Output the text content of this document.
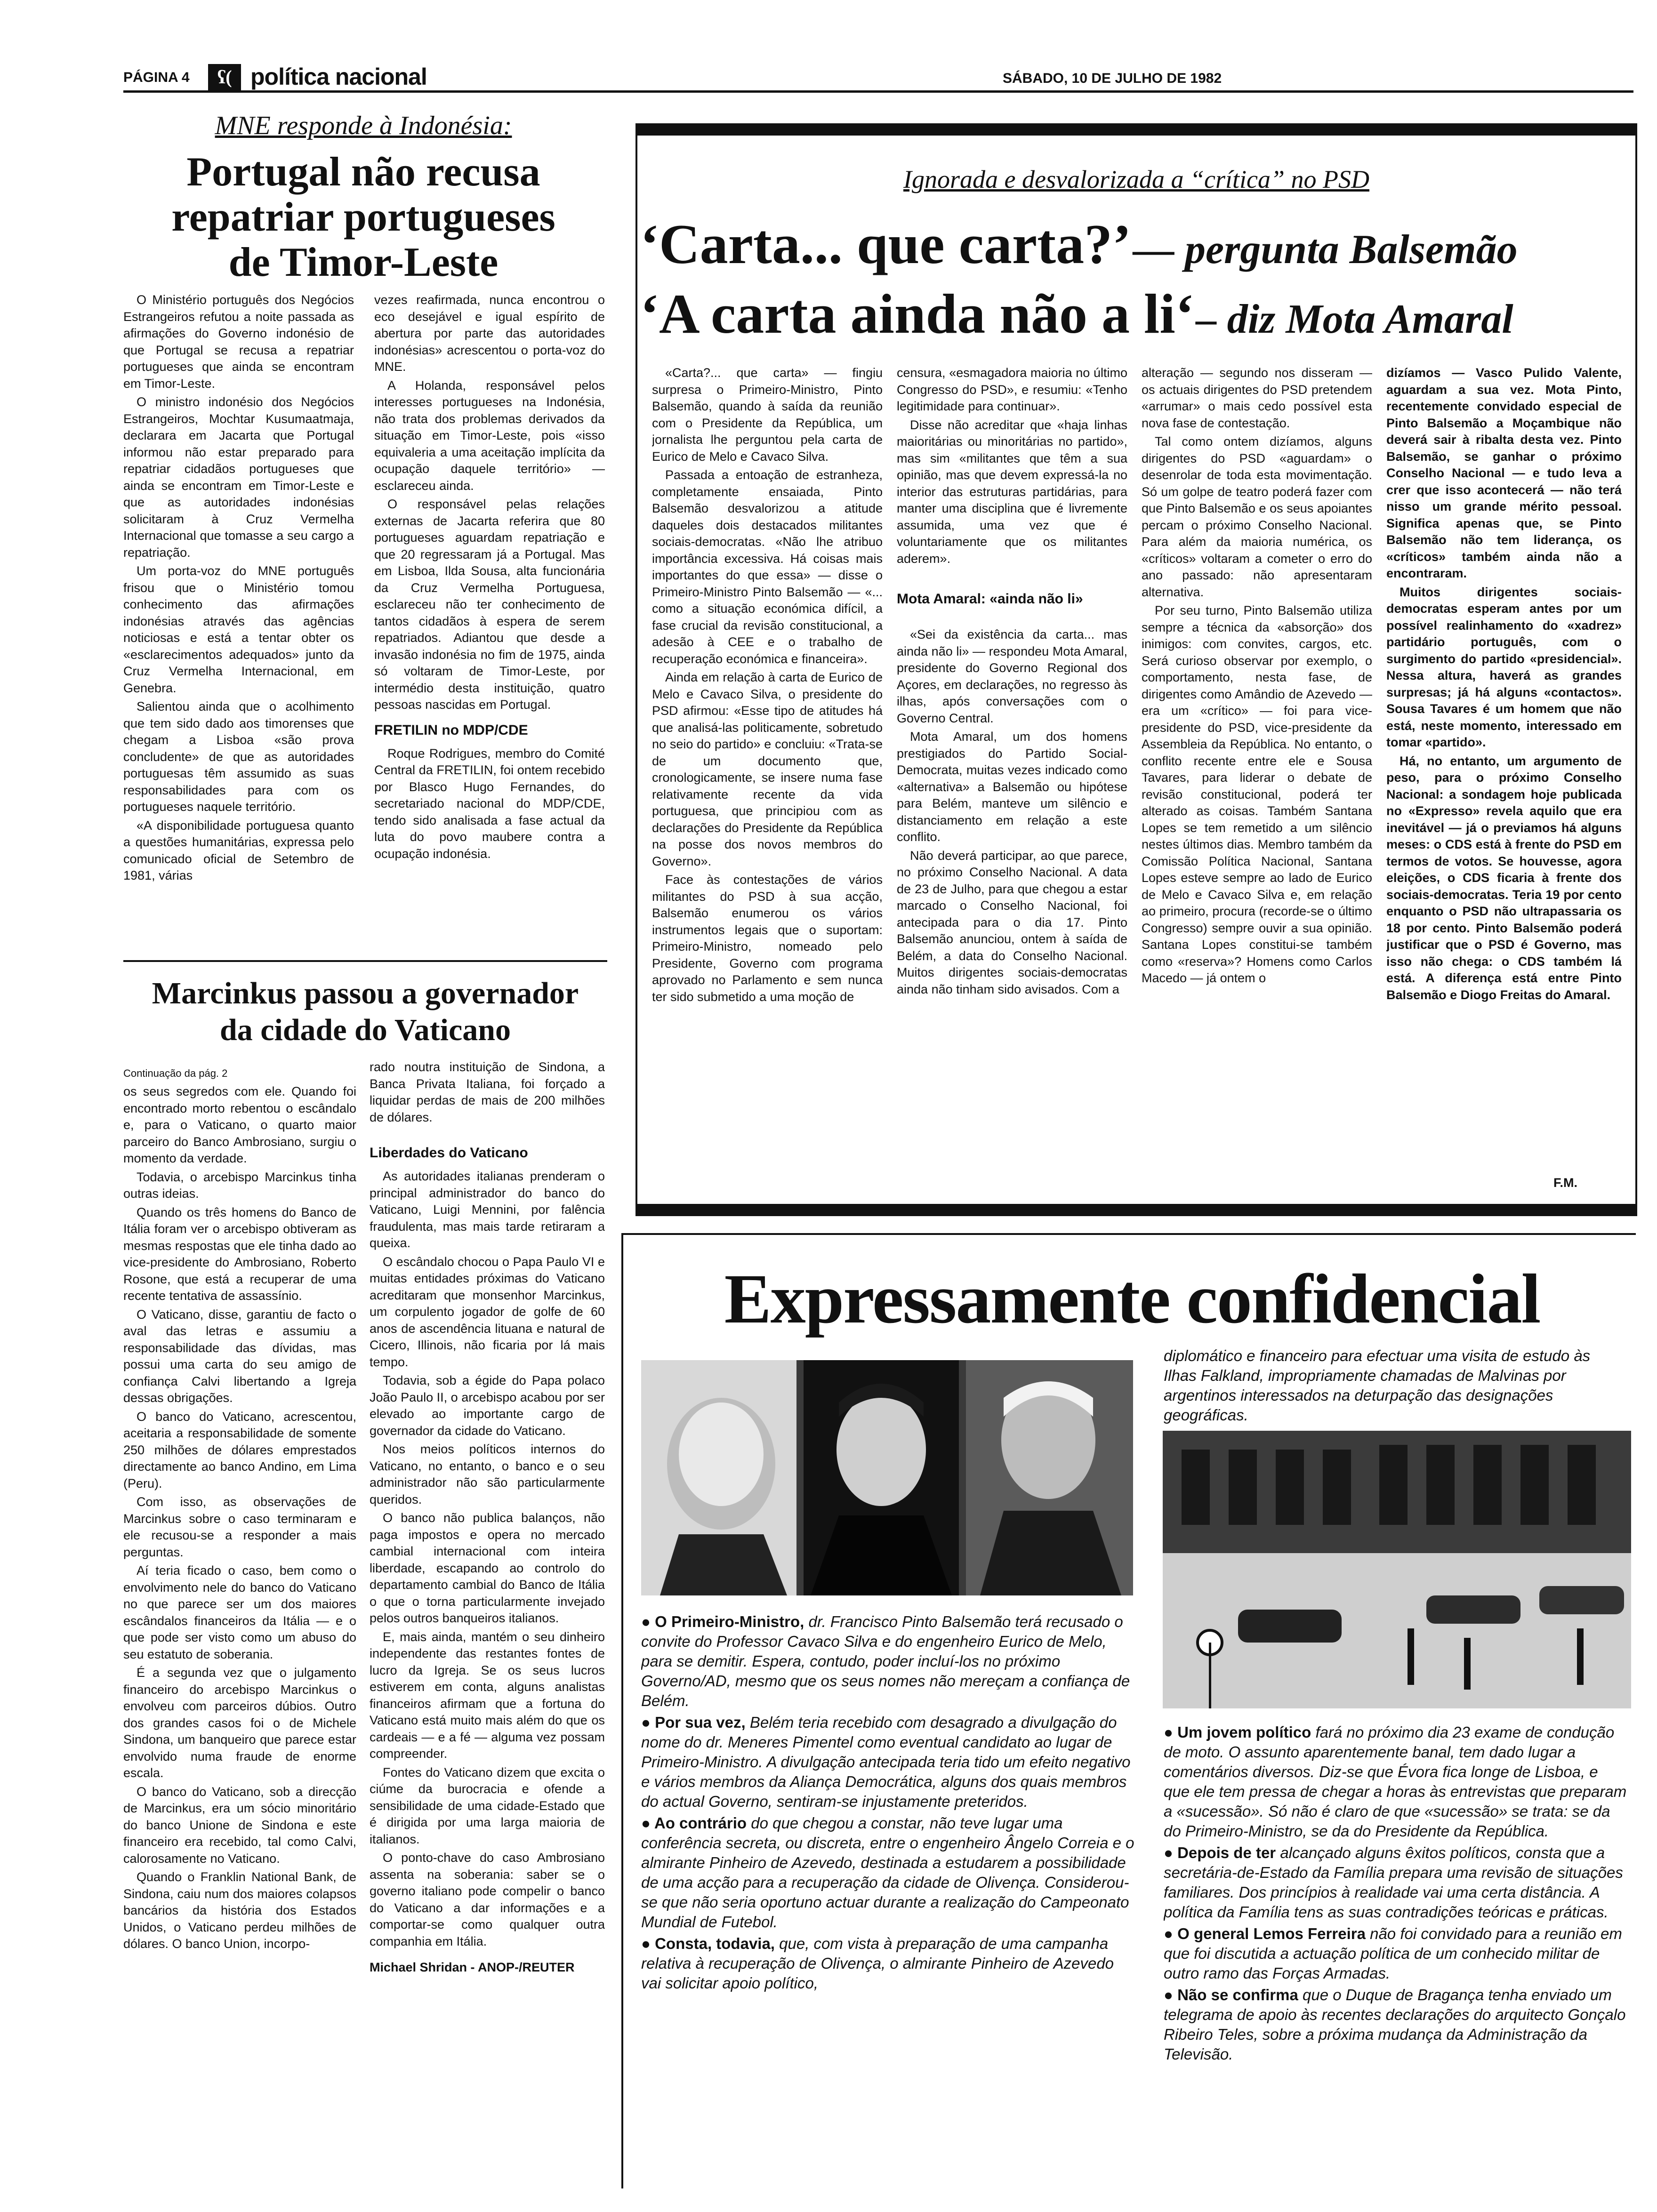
PÁGINA 4	ʕ( política nacional	SÁBADO, 10 DE JULHO DE 1982
MNE responde à Indonésia:
Portugal não recusa
repatriar portugueses
de Timor-Leste

O Ministério português dos Negócios Estrangeiros refutou a noite passada as afirmações do Governo indonésio de que Portugal se recusa a repatriar portugueses que ainda se encontram em Timor-Leste.

O ministro indonésio dos Negócios Estrangeiros, Mochtar Kusumaatmaja, declarara em Jacarta que Portugal informou não estar preparado para repatriar cidadãos portugueses que ainda se encontram em Timor-Leste e que as autoridades indonésias solicitaram à Cruz Vermelha Internacional que tomasse a seu cargo a repatriação.

Um porta-voz do MNE português frisou que o Ministério tomou conhecimento das afirmações indonésias através das agências noticiosas e está a tentar obter os «esclarecimentos adequados» junto da Cruz Vermelha Internacional, em Genebra.

Salientou ainda que o acolhimento que tem sido dado aos timorenses que chegam a Lisboa «são prova concludente» de que as autoridades portuguesas têm assumido as suas responsabilidades para com os portugueses naquele território.

«A disponibilidade portuguesa quanto a questões humanitárias, expressa pelo comunicado oficial de Setembro de 1981, várias

vezes reafirmada, nunca encontrou o eco desejável e igual espírito de abertura por parte das autoridades indonésias» acrescentou o porta-voz do MNE.

A Holanda, responsável pelos interesses portugueses na Indonésia, não trata dos problemas derivados da situação em Timor-Leste, pois «isso equivaleria a uma aceitação implícita da ocupação daquele território» — esclareceu ainda.

O responsável pelas relações externas de Jacarta referira que 80 portugueses aguardam repatriação e que 20 regressaram já a Portugal. Mas em Lisboa, Ilda Sousa, alta funcionária da Cruz Vermelha Portuguesa, esclareceu não ter conhecimento de tantos cidadãos à espera de serem repatriados. Adiantou que desde a invasão indonésia no fim de 1975, ainda só voltaram de Timor-Leste, por intermédio desta instituição, quatro pessoas nascidas em Portugal.

FRETILIN no MDP/CDE

Roque Rodrigues, membro do Comité Central da FRETILIN, foi ontem recebido por Blasco Hugo Fernandes, do secretariado nacional do MDP/CDE, tendo sido analisada a fase actual da luta do povo maubere contra a ocupação indonésia.

Marcinkus passou a governador
da cidade do Vaticano
Continuação da pág. 2

os seus segredos com ele. Quando foi encontrado morto rebentou o escândalo e, para o Vaticano, o quarto maior parceiro do Banco Ambrosiano, surgiu o momento da verdade.

Todavia, o arcebispo Marcinkus tinha outras ideias.

Quando os três homens do Banco de Itália foram ver o arcebispo obtiveram as mesmas respostas que ele tinha dado ao vice-presidente do Ambrosiano, Roberto Rosone, que está a recuperar de uma recente tentativa de assassínio.

O Vaticano, disse, garantiu de facto o aval das letras e assumiu a responsabilidade das dívidas, mas possui uma carta do seu amigo de confiança Calvi libertando a Igreja dessas obrigações.

O banco do Vaticano, acrescentou, aceitaria a responsabilidade de somente 250 milhões de dólares emprestados directamente ao banco Andino, em Lima (Peru).

Com isso, as observações de Marcinkus sobre o caso terminaram e ele recusou-se a responder a mais perguntas.

Aí teria ficado o caso, bem como o envolvimento nele do banco do Vaticano no que parece ser um dos maiores escândalos financeiros da Itália — e o que pode ser visto como um abuso do seu estatuto de soberania.

É a segunda vez que o julgamento financeiro do arcebispo Marcinkus o envolveu com parceiros dúbios. Outro dos grandes casos foi o de Michele Sindona, um banqueiro que parece estar envolvido numa fraude de enorme escala.

O banco do Vaticano, sob a direcção de Marcinkus, era um sócio minoritário do banco Unione de Sindona e este financeiro era recebido, tal como Calvi, calorosamente no Vaticano.

Quando o Franklin National Bank, de Sindona, caiu num dos maiores colapsos bancários da história dos Estados Unidos, o Vaticano perdeu milhões de dólares. O banco Union, incorpo-

rado noutra instituição de Sindona, a Banca Privata Italiana, foi forçado a liquidar perdas de mais de 200 milhões de dólares.

Liberdades do Vaticano

As autoridades italianas prenderam o principal administrador do banco do Vaticano, Luigi Mennini, por falência fraudulenta, mas mais tarde retiraram a queixa.

O escândalo chocou o Papa Paulo VI e muitas entidades próximas do Vaticano acreditaram que monsenhor Marcinkus, um corpulento jogador de golfe de 60 anos de ascendência lituana e natural de Cicero, Illinois, não ficaria por lá mais tempo.

Todavia, sob a égide do Papa polaco João Paulo II, o arcebispo acabou por ser elevado ao importante cargo de governador da cidade do Vaticano.

Nos meios políticos internos do Vaticano, no entanto, o banco e o seu administrador não são particularmente queridos.

O banco não publica balanços, não paga impostos e opera no mercado cambial internacional com inteira liberdade, escapando ao controlo do departamento cambial do Banco de Itália o que o torna particularmente invejado pelos outros banqueiros italianos.

E, mais ainda, mantém o seu dinheiro independente das restantes fontes de lucro da Igreja. Se os seus lucros estiverem em conta, alguns analistas financeiros afirmam que a fortuna do Vaticano está muito mais além do que os cardeais — e a fé — alguma vez possam compreender.

Fontes do Vaticano dizem que excita o ciúme da burocracia e ofende a sensibilidade de uma cidade-Estado que é dirigida por uma larga maioria de italianos.

O ponto-chave do caso Ambrosiano assenta na soberania: saber se o governo italiano pode compelir o banco do Vaticano a dar informações e a comportar-se como qualquer outra companhia em Itália.

Michael Shridan - ANOP-/REUTER

Ignorada e desvalorizada a “crítica” no PSD
‘Carta... que carta?’ — pergunta Balsemão
‘A carta ainda não a li‘ – diz Mota Amaral

«Carta?... que carta» — fingiu surpresa o Primeiro-Ministro, Pinto Balsemão, quando à saída da reunião com o Presidente da República, um jornalista lhe perguntou pela carta de Eurico de Melo e Cavaco Silva.

Passada a entoação de estranheza, completamente ensaiada, Pinto Balsemão desvalorizou a atitude daqueles dois destacados militantes sociais-democratas. «Não lhe atribuo importância excessiva. Há coisas mais importantes do que essa» — disse o Primeiro-Ministro Pinto Balsemão — «... como a situação económica difícil, a fase crucial da revisão constitucional, a adesão à CEE e o trabalho de recuperação económica e financeira».

Ainda em relação à carta de Eurico de Melo e Cavaco Silva, o presidente do PSD afirmou: «Esse tipo de atitudes há que analisá-las politicamente, sobretudo no seio do partido» e concluiu: «Trata-se de um documento que, cronologicamente, se insere numa fase relativamente recente da vida portuguesa, que principiou com as declarações do Presidente da República na posse dos novos membros do Governo».

Face às contestações de vários militantes do PSD à sua acção, Balsemão enumerou os vários instrumentos legais que o suportam: Primeiro-Ministro, nomeado pelo Presidente, Governo com programa aprovado no Parlamento e sem nunca ter sido submetido a uma moção de

censura, «esmagadora maioria no último Congresso do PSD», e resumiu: «Tenho legitimidade para continuar».

Disse não acreditar que «haja linhas maioritárias ou minoritárias no partido», mas sim «militantes que têm a sua opinião, mas que devem expressá-la no interior das estruturas partidárias, para manter uma disciplina que é livremente assumida, uma vez que é voluntariamente que os militantes aderem».

Mota Amaral: «ainda não li»

«Sei da existência da carta... mas ainda não li» — respondeu Mota Amaral, presidente do Governo Regional dos Açores, em declarações, no regresso às ilhas, após conversações com o Governo Central.

Mota Amaral, um dos homens prestigiados do Partido Social-Democrata, muitas vezes indicado como «alternativa» a Balsemão ou hipótese para Belém, manteve um silêncio e distanciamento em relação a este conflito.

Não deverá participar, ao que parece, no próximo Conselho Nacional. A data de 23 de Julho, para que chegou a estar marcado o Conselho Nacional, foi antecipada para o dia 17. Pinto Balsemão anunciou, ontem à saída de Belém, a data do Conselho Nacional. Muitos dirigentes sociais-democratas ainda não tinham sido avisados. Com a

alteração — segundo nos disseram — os actuais dirigentes do PSD pretendem «arrumar» o mais cedo possível esta nova fase de contestação.

Tal como ontem dizíamos, alguns dirigentes do PSD «aguardam» o desenrolar de toda esta movimentação. Só um golpe de teatro poderá fazer com que Pinto Balsemão e os seus apoiantes percam o próximo Conselho Nacional. Para além da maioria numérica, os «críticos» voltaram a cometer o erro do ano passado: não apresentaram alternativa.

Por seu turno, Pinto Balsemão utiliza sempre a técnica da «absorção» dos inimigos: com convites, cargos, etc. Será curioso observar por exemplo, o comportamento, nesta fase, de dirigentes como Amândio de Azevedo — era um «crítico» — foi para vice-presidente do PSD, vice-presidente da Assembleia da República. No entanto, o conflito recente entre ele e Sousa Tavares, para liderar o debate de revisão constitucional, poderá ter alterado as coisas. Também Santana Lopes se tem remetido a um silêncio nestes últimos dias. Membro também da Comissão Política Nacional, Santana Lopes esteve sempre ao lado de Eurico de Melo e Cavaco Silva e, em relação ao primeiro, procura (recorde-se o último Congresso) sempre ouvir a sua opinião. Santana Lopes constitui-se também como «reserva»? Homens como Carlos Macedo — já ontem o

dizíamos — Vasco Pulido Valente, aguardam a sua vez. Mota Pinto, recentemente convidado especial de Pinto Balsemão a Moçambique não deverá sair à ribalta desta vez. Pinto Balsemão, se ganhar o próximo Conselho Nacional — e tudo leva a crer que isso acontecerá — não terá nisso um grande mérito pessoal. Significa apenas que, se Pinto Balsemão não tem liderança, os «críticos» também ainda não a encontraram.

Muitos dirigentes sociais-democratas esperam antes por um possível realinhamento do «xadrez» partidário português, com o surgimento do partido «presidencial». Nessa altura, haverá as grandes surpresas; já há alguns «contactos». Sousa Tavares é um homem que não está, neste momento, interessado em tomar «partido».

Há, no entanto, um argumento de peso, para o próximo Conselho Nacional: a sondagem hoje publicada no «Expresso» revela aquilo que era inevitável — já o previamos há alguns meses: o CDS está à frente do PSD em termos de votos. Se houvesse, agora eleições, o CDS ficaria à frente dos sociais-democratas. Teria 19 por cento enquanto o PSD não ultrapassaria os 18 por cento. Pinto Balsemão poderá justificar que o PSD é Governo, mas isso não chega: o CDS também lá está. A diferença está entre Pinto Balsemão e Diogo Freitas do Amaral.

F.M.
Expressamente confidencial

diplomático e financeiro para efectuar uma visita de estudo às Ilhas Falkland, impropriamente chamadas de Malvinas por argentinos interessados na deturpação das designações geográficas.

● O Primeiro-Ministro, dr. Francisco Pinto Balsemão terá recusado o convite do Professor Cavaco Silva e do engenheiro Eurico de Melo, para se demitir. Espera, contudo, poder incluí-los no próximo Governo/AD, mesmo que os seus nomes não mereçam a confiança de Belém.

● Por sua vez, Belém teria recebido com desagrado a divulgação do nome do dr. Meneres Pimentel como eventual candidato ao lugar de Primeiro-Ministro. A divulgação antecipada teria tido um efeito negativo e vários membros da Aliança Democrática, alguns dos quais membros do actual Governo, sentiram-se injustamente preteridos.

● Ao contrário do que chegou a constar, não teve lugar uma conferência secreta, ou discreta, entre o engenheiro Ângelo Correia e o almirante Pinheiro de Azevedo, destinada a estudarem a possibilidade de uma acção para a recuperação da cidade de Olivença. Considerou-se que não seria oportuno actuar durante a realização do Campeonato Mundial de Futebol.

● Consta, todavia, que, com vista à preparação de uma campanha relativa à recuperação de Olivença, o almirante Pinheiro de Azevedo vai solicitar apoio político,

● Um jovem político fará no próximo dia 23 exame de condução de moto. O assunto aparentemente banal, tem dado lugar a comentários diversos. Diz-se que Évora fica longe de Lisboa, e que ele tem pressa de chegar a horas às entrevistas que preparam a «sucessão». Só não é claro de que «sucessão» se trata: se da do Primeiro-Ministro, se da do Presidente da República.

● Depois de ter alcançado alguns êxitos políticos, consta que a secretária-de-Estado da Família prepara uma revisão de situações familiares. Dos princípios à realidade vai uma certa distância. A política da Família tens as suas contradições teóricas e práticas.

● O general Lemos Ferreira não foi convidado para a reunião em que foi discutida a actuação política de um conhecido militar de outro ramo das Forças Armadas.

● Não se confirma que o Duque de Bragança tenha enviado um telegrama de apoio às recentes declarações do arquitecto Gonçalo Ribeiro Teles, sobre a próxima mudança da Administração da Televisão.
